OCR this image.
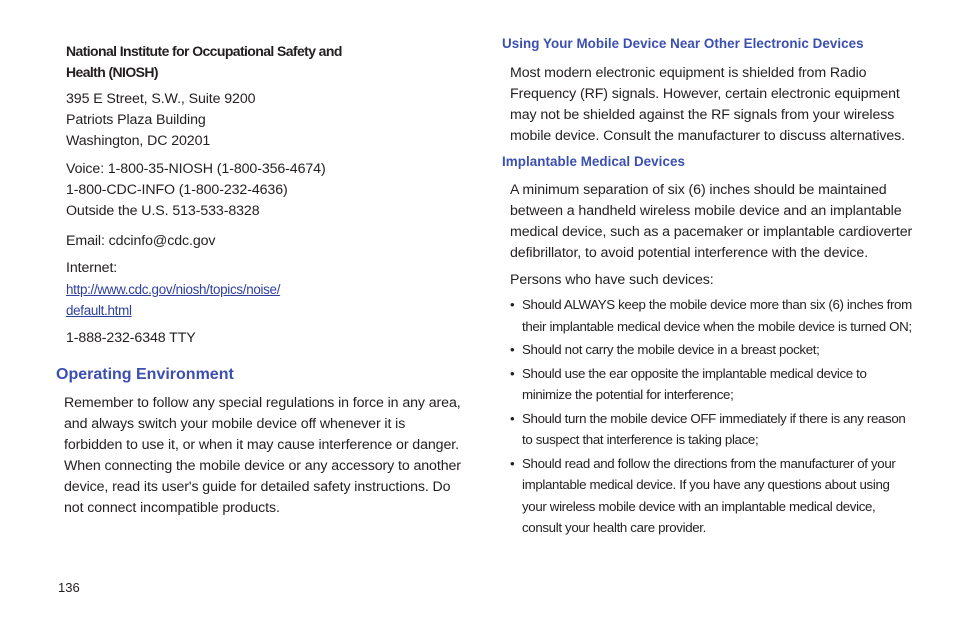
National Institute for Occupational Safety and
Health (NIOSH)
395 E Street, S.W., Suite 9200
Patriots Plaza Building
Washington, DC 20201
Voice: 1-800-35-NIOSH (1-800-356-4674)
1-800-CDC-INFO (1-800-232-4636)
Outside the U.S. 513-533-8328
Email: cdcinfo@cdc.gov
Internet:
http://www.cdc.gov/niosh/topics/noise/
default.html
1-888-232-6348 TTY
Operating Environment
Remember to follow any special regulations in force in any area,
and always switch your mobile device off whenever it is
forbidden to use it, or when it may cause interference or danger.
When connecting the mobile device or any accessory to another
device, read its user's guide for detailed safety instructions. Do
not connect incompatible products.
Using Your Mobile Device Near Other Electronic Devices
Most modern electronic equipment is shielded from Radio
Frequency (RF) signals. However, certain electronic equipment
may not be shielded against the RF signals from your wireless
mobile device. Consult the manufacturer to discuss alternatives.
Implantable Medical Devices
A minimum separation of six (6) inches should be maintained
between a handheld wireless mobile device and an implantable
medical device, such as a pacemaker or implantable cardioverter
defibrillator, to avoid potential interference with the device.
Persons who have such devices:
• Should ALWAYS keep the mobile device more than six (6) inches from
their implantable medical device when the mobile device is turned ON;
• Should not carry the mobile device in a breast pocket;
• Should use the ear opposite the implantable medical device to
minimize the potential for interference;
• Should turn the mobile device OFF immediately if there is any reason
to suspect that interference is taking place;
• Should read and follow the directions from the manufacturer of your
implantable medical device. If you have any questions about using
your wireless mobile device with an implantable medical device,
consult your health care provider.
136
